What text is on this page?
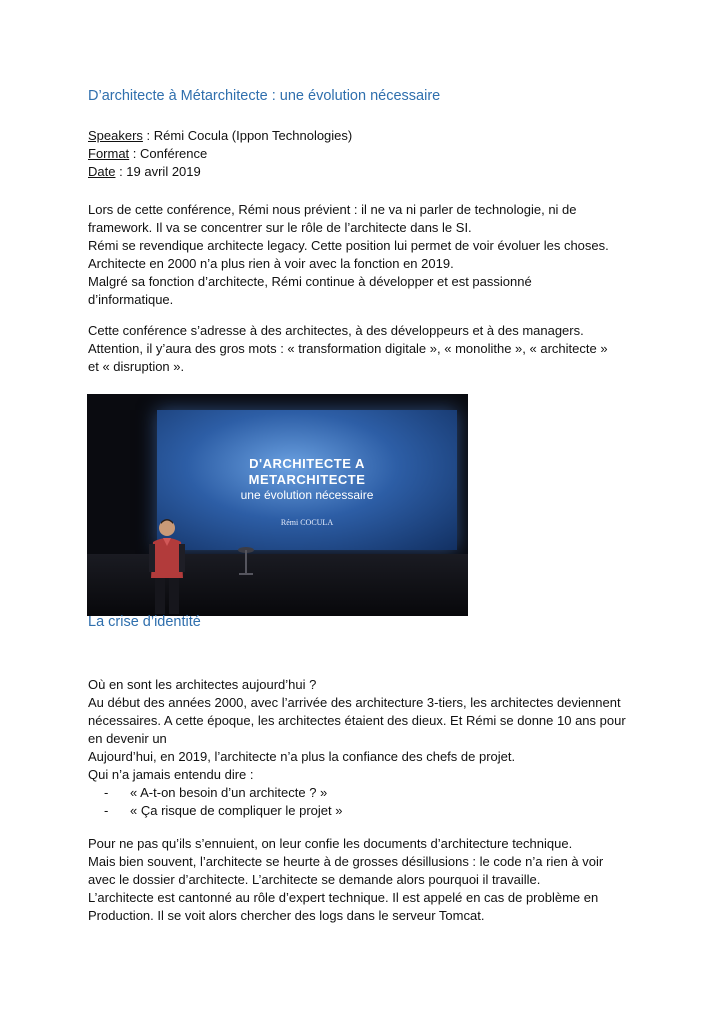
D’architecte à Métarchitecte : une évolution nécessaire
Speakers : Rémi Cocula (Ippon Technologies)
Format : Conférence
Date : 19 avril 2019
Lors de cette conférence, Rémi nous prévient : il ne va ni parler de technologie, ni de
framework. Il va se concentrer sur le rôle de l’architecte dans le SI.
Rémi se revendique architecte legacy. Cette position lui permet de voir évoluer les choses.
Architecte en 2000 n’a plus rien à voir avec la fonction en 2019.
Malgré sa fonction d’architecte, Rémi continue à développer et est passionné
d’informatique.
Cette conférence s’adresse à des architectes, à des développeurs et à des managers.
Attention, il y’aura des gros mots : « transformation digitale », « monolithe », « architecte »
et « disruption ».
D'ARCHITECTE A
METARCHITECTE
une évolution nécessaire
Rémi COCULA
La crise d’identité
Où en sont les architectes aujourd’hui ?
Au début des années 2000, avec l’arrivée des architecture 3-tiers, les architectes deviennent
nécessaires. A cette époque, les architectes étaient des dieux. Et Rémi se donne 10 ans pour
en devenir un
Aujourd’hui, en 2019, l’architecte n’a plus la confiance des chefs de projet.
Qui n’a jamais entendu dire :
- « A-t-on besoin d’un architecte ? »
- « Ça risque de compliquer le projet »
Pour ne pas qu’ils s’ennuient, on leur confie les documents d’architecture technique.
Mais bien souvent, l’architecte se heurte à de grosses désillusions : le code n’a rien à voir
avec le dossier d’architecte. L’architecte se demande alors pourquoi il travaille.
L’architecte est cantonné au rôle d’expert technique. Il est appelé en cas de problème en
Production. Il se voit alors chercher des logs dans le serveur Tomcat.
